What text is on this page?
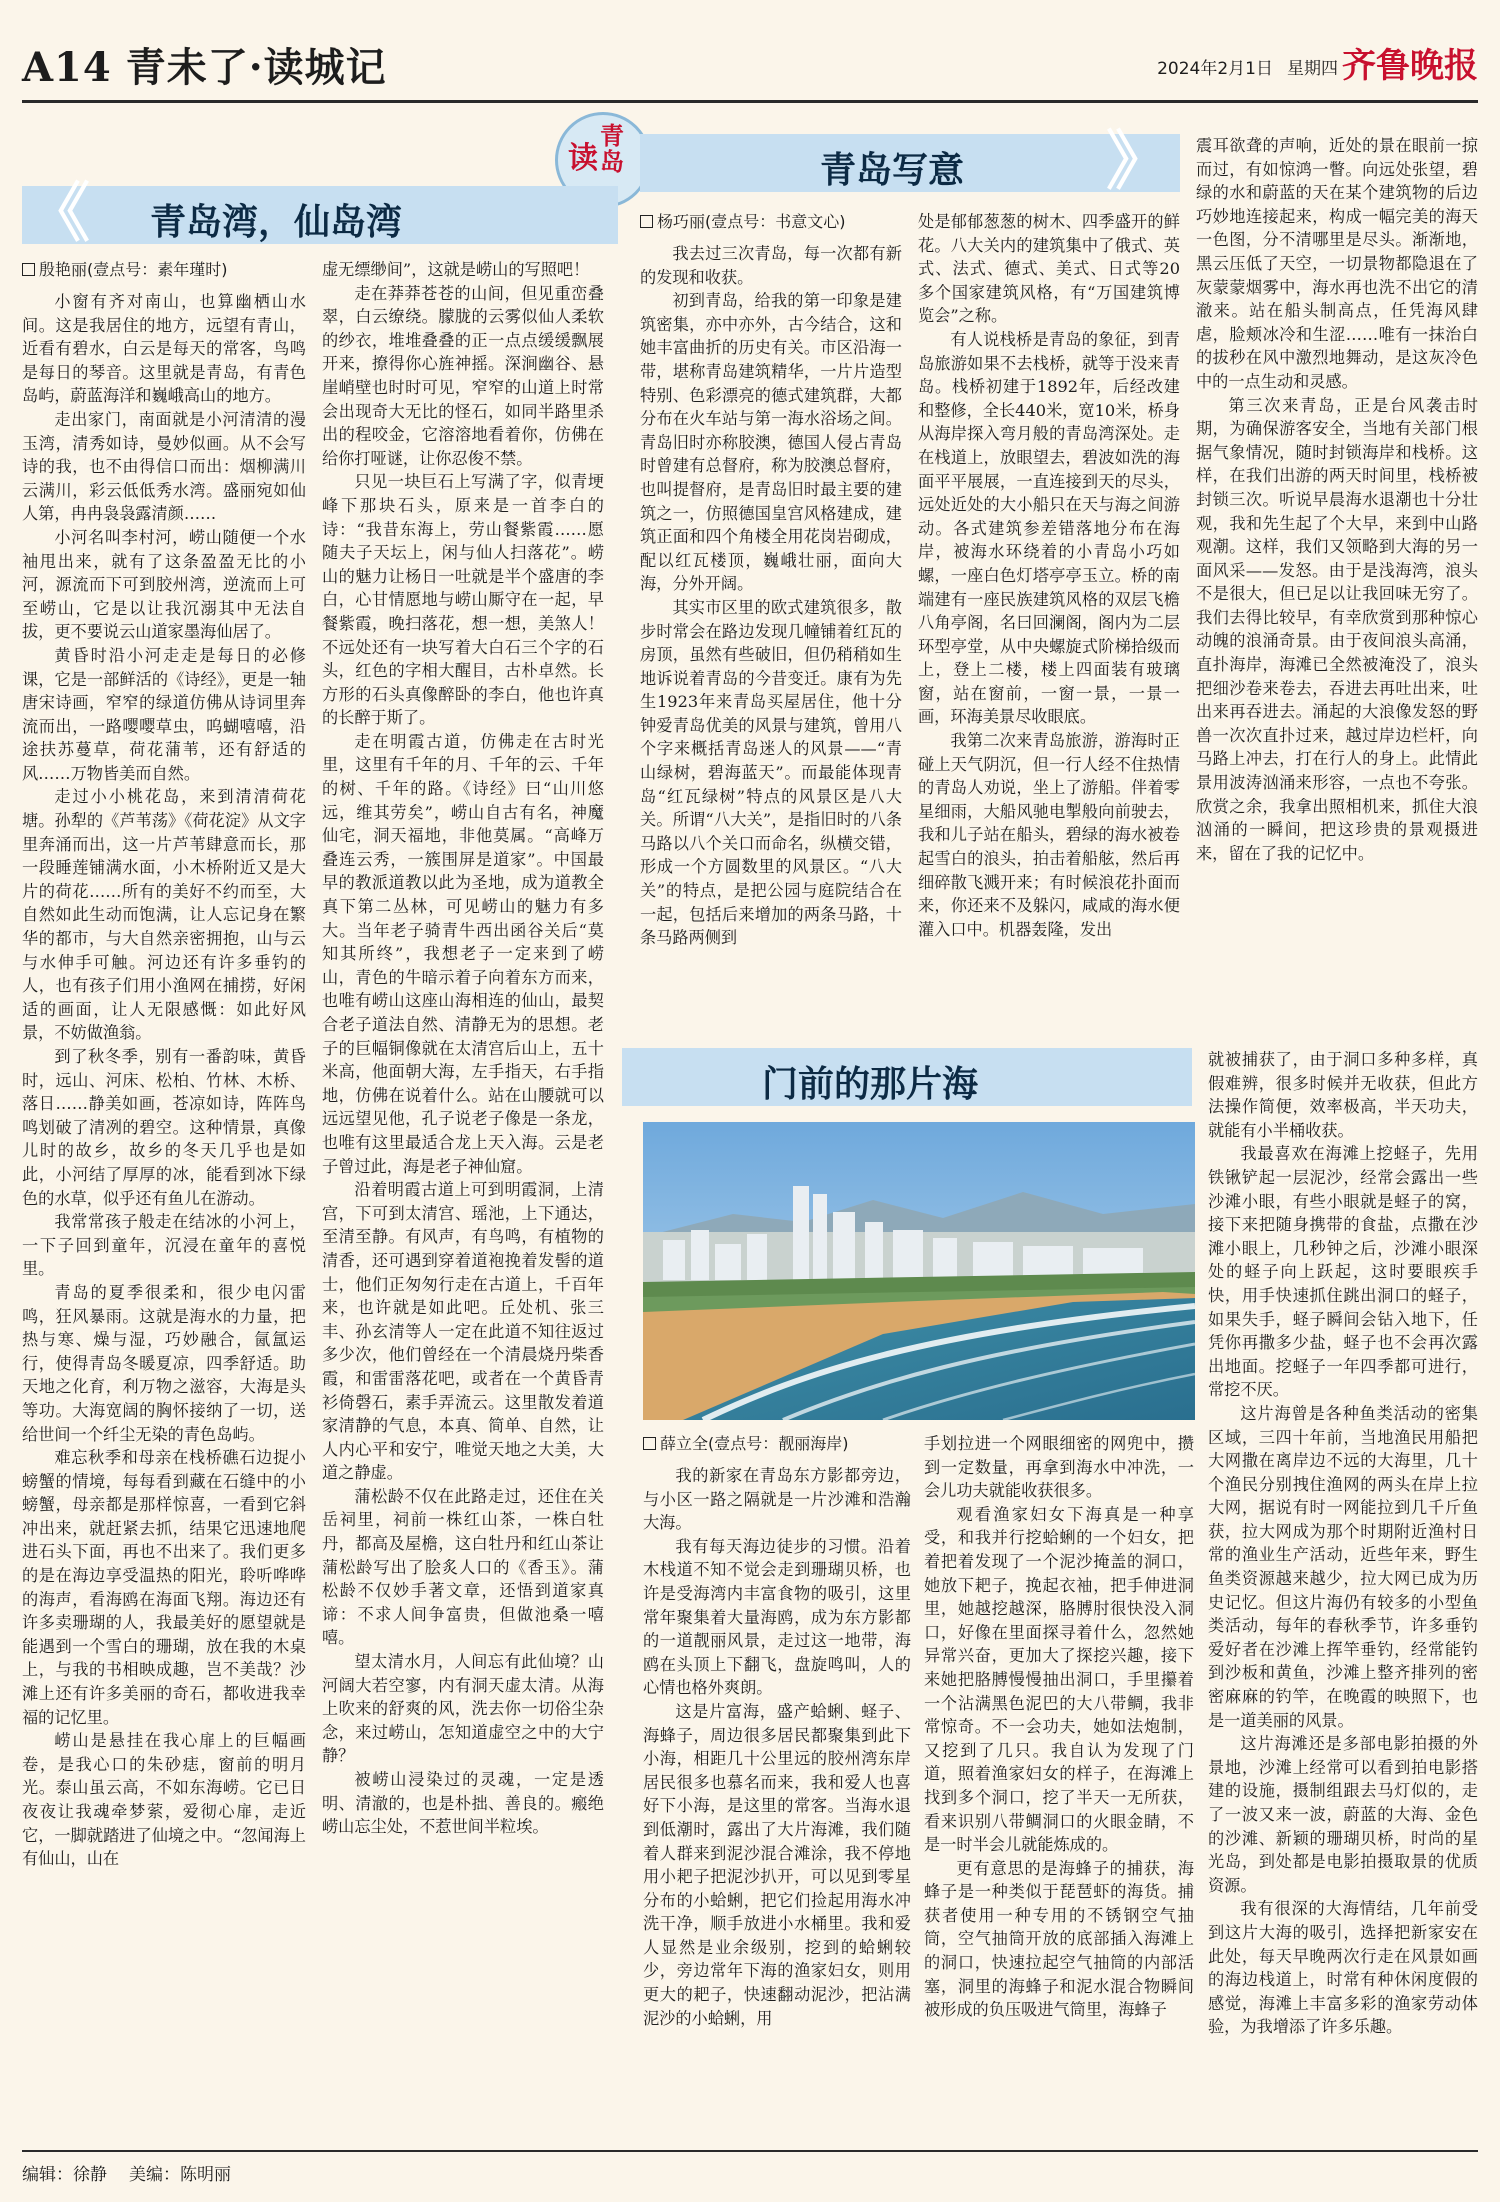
A14 青未了·读城记	2024年2月1日 星期四 齐鲁晚报
读
青岛
《 青岛湾，仙岛湾
青岛写意 》
门前的那片海
殷艳丽(壹点号：素年瑾时)

小窗有齐对南山，也算幽栖山水间。这是我居住的地方，远望有青山，近看有碧水，白云是每天的常客，鸟鸣是每日的琴音。这里就是青岛，有青色岛屿，蔚蓝海洋和巍峨高山的地方。

走出家门，南面就是小河清清的漫玉湾，清秀如诗，曼妙似画。从不会写诗的我，也不由得信口而出：烟柳满川云满川，彩云低低秀水湾。盛丽宛如仙人第，冉冉袅袅露清颜……

小河名叫李村河，崂山随便一个水袖甩出来，就有了这条盈盈无比的小河，源流而下可到胶州湾，逆流而上可至崂山，它是以让我沉溺其中无法自拔，更不要说云山道家墨海仙居了。

黄昏时沿小河走走是每日的必修课，它是一部鲜活的《诗经》，更是一轴唐宋诗画，窄窄的绿道仿佛从诗词里奔流而出，一路嘤嘤草虫，呜蝴嘻嘻，沿途扶苏蔓草，荷花蒲苇，还有舒适的风……万物皆美而自然。

走过小小桃花岛，来到清清荷花塘。孙犁的《芦苇荡》《荷花淀》从文字里奔涌而出，这一片芦苇肆意而长，那一段睡莲铺满水面，小木桥附近又是大片的荷花……所有的美好不约而至，大自然如此生动而饱满，让人忘记身在繁华的都市，与大自然亲密拥抱，山与云与水伸手可触。河边还有许多垂钓的人，也有孩子们用小渔网在捕捞，好闲适的画面，让人无限感慨：如此好风景，不妨做渔翁。

到了秋冬季，别有一番韵味，黄昏时，远山、河床、松柏、竹林、木桥、落日……静美如画，苍凉如诗，阵阵鸟鸣划破了清冽的碧空。这种情景，真像儿时的故乡，故乡的冬天几乎也是如此，小河结了厚厚的冰，能看到冰下绿色的水草，似乎还有鱼儿在游动。

我常常孩子般走在结冰的小河上，一下子回到童年，沉浸在童年的喜悦里。

青岛的夏季很柔和，很少电闪雷鸣，狂风暴雨。这就是海水的力量，把热与寒、燥与湿，巧妙融合，氤氲运行，使得青岛冬暖夏凉，四季舒适。助天地之化育，利万物之滋容，大海是头等功。大海宽阔的胸怀接纳了一切，送给世间一个纤尘无染的青色岛屿。

难忘秋季和母亲在栈桥礁石边捉小螃蟹的情境，每每看到藏在石缝中的小螃蟹，母亲都是那样惊喜，一看到它斜冲出来，就赶紧去抓，结果它迅速地爬进石头下面，再也不出来了。我们更多的是在海边享受温热的阳光，聆听哗哗的海声，看海鸥在海面飞翔。海边还有许多卖珊瑚的人，我最美好的愿望就是能遇到一个雪白的珊瑚，放在我的木桌上，与我的书相映成趣，岂不美哉？沙滩上还有许多美丽的奇石，都收进我幸福的记忆里。

崂山是悬挂在我心扉上的巨幅画卷，是我心口的朱砂痣，窗前的明月光。泰山虽云高，不如东海崂。它已日夜夜让我魂牵梦萦，爱彻心扉，走近它，一脚就踏进了仙境之中。“忽闻海上有仙山，山在

虚无缥缈间”，这就是崂山的写照吧！

走在莽莽苍苍的山间，但见重峦叠翠，白云缭绕。朦胧的云雾似仙人柔软的纱衣，堆堆叠叠的正一点点缓缓飘展开来，撩得你心旌神摇。深涧幽谷、悬崖峭壁也时时可见，窄窄的山道上时常会出现奇大无比的怪石，如同半路里杀出的程咬金，它溶溶地看着你，仿佛在给你打哑谜，让你忍俊不禁。

只见一块巨石上写满了字，似青埂峰下那块石头，原来是一首李白的诗：“我昔东海上，劳山餐紫霞……愿随夫子天坛上，闲与仙人扫落花”。崂山的魅力让杨日一吐就是半个盛唐的李白，心甘情愿地与崂山厮守在一起，早餐紫霞，晚扫落花，想一想，美煞人！不远处还有一块写着大白石三个字的石头，红色的字相大醒目，古朴卓然。长方形的石头真像醉卧的李白，他也许真的长醉于斯了。

走在明霞古道，仿佛走在古时光里，这里有千年的月、千年的云、千年的树、千年的路。《诗经》曰“山川悠远，维其劳矣”，崂山自古有名，神魔仙宅，洞天福地，非他莫属。“高峰万叠连云秀，一簇围屏是道家”。中国最早的教派道教以此为圣地，成为道教全真下第二丛林，可见崂山的魅力有多大。当年老子骑青牛西出函谷关后“莫知其所终”，我想老子一定来到了崂山，青色的牛暗示着子向着东方而来，也唯有崂山这座山海相连的仙山，最契合老子道法自然、清静无为的思想。老子的巨幅铜像就在太清宫后山上，五十米高，他面朝大海，左手指天，右手指地，仿佛在说着什么。站在山腰就可以远远望见他，孔子说老子像是一条龙，也唯有这里最适合龙上天入海。云是老子曾过此，海是老子神仙窟。

沿着明霞古道上可到明霞洞，上清宫，下可到太清宫、瑶池，上下通达，至清至静。有风声，有鸟鸣，有植物的清香，还可遇到穿着道袍挽着发髻的道士，他们正匆匆行走在古道上，千百年来，也许就是如此吧。丘处机、张三丰、孙玄清等人一定在此道不知往返过多少次，他们曾经在一个清晨烧丹柴香霞，和雷雷落花吧，或者在一个黄昏青衫倚磬石，素手弄流云。这里散发着道家清静的气息，本真、简单、自然，让人内心平和安宁，唯觉天地之大美，大道之静虚。

蒲松龄不仅在此路走过，还住在关岳祠里，祠前一株红山茶，一株白牡丹，都高及屋檐，这白牡丹和红山茶让蒲松龄写出了脍炙人口的《香玉》。蒲松龄不仅妙手著文章，还悟到道家真谛：不求人间争富贵，但做池桑一嘻嘻。

望太清水月，人间忘有此仙境？山河阔大若空寥，内有洞天虚太清。从海上吹来的舒爽的风，洗去你一切俗尘杂念，来过崂山，怎知道虚空之中的大宁静？

被崂山浸染过的灵魂，一定是透明、清澈的，也是朴拙、善良的。瘢绝崂山忘尘处，不惹世间半粒埃。

杨巧丽(壹点号：书意文心)

我去过三次青岛，每一次都有新的发现和收获。

初到青岛，给我的第一印象是建筑密集，亦中亦外，古今结合，这和她丰富曲折的历史有关。市区沿海一带，堪称青岛建筑精华，一片片造型特别、色彩漂亮的德式建筑群，大都分布在火车站与第一海水浴场之间。青岛旧时亦称胶澳，德国人侵占青岛时曾建有总督府，称为胶澳总督府，也叫提督府，是青岛旧时最主要的建筑之一，仿照德国皇宫风格建成，建筑正面和四个角楼全用花岗岩砌成，配以红瓦楼顶，巍峨壮丽，面向大海，分外开阔。

其实市区里的欧式建筑很多，散步时常会在路边发现几幢铺着红瓦的房顶，虽然有些破旧，但仍稍稍如生地诉说着青岛的今昔变迁。康有为先生1923年来青岛买屋居住，他十分钟爱青岛优美的风景与建筑，曾用八个字来概括青岛迷人的风景——“青山绿树，碧海蓝天”。而最能体现青岛“红瓦绿树”特点的风景区是八大关。所谓“八大关”，是指旧时的八条马路以八个关口而命名，纵横交错，形成一个方圆数里的风景区。“八大关”的特点，是把公园与庭院结合在一起，包括后来增加的两条马路，十条马路两侧到

处是郁郁葱葱的树木、四季盛开的鲜花。八大关内的建筑集中了俄式、英式、法式、德式、美式、日式等20多个国家建筑风格，有“万国建筑博览会”之称。

有人说栈桥是青岛的象征，到青岛旅游如果不去栈桥，就等于没来青岛。栈桥初建于1892年，后经改建和整修，全长440米，宽10米，桥身从海岸探入弯月般的青岛湾深处。走在栈道上，放眼望去，碧波如洗的海面平平展展，一直连接到天的尽头，远处近处的大小船只在天与海之间游动。各式建筑参差错落地分布在海岸，被海水环绕着的小青岛小巧如螺，一座白色灯塔亭亭玉立。桥的南端建有一座民族建筑风格的双层飞檐八角亭阁，名曰回澜阁，阁内为二层环型亭堂，从中央螺旋式阶梯拾级而上，登上二楼，楼上四面装有玻璃窗，站在窗前，一窗一景，一景一画，环海美景尽收眼底。

我第二次来青岛旅游，游海时正碰上天气阴沉，但一行人经不住热情的青岛人劝说，坐上了游船。伴着零星细雨，大船风驰电掣般向前驶去，我和儿子站在船头，碧绿的海水被卷起雪白的浪头，拍击着船舷，然后再细碎散飞溅开来；有时候浪花扑面而来，你还来不及躲闪，咸咸的海水便灌入口中。机器轰隆，发出

震耳欲聋的声响，近处的景在眼前一掠而过，有如惊鸿一瞥。向远处张望，碧绿的水和蔚蓝的天在某个建筑物的后边巧妙地连接起来，构成一幅完美的海天一色图，分不清哪里是尽头。渐渐地，黑云压低了天空，一切景物都隐退在了灰蒙蒙烟雾中，海水再也洗不出它的清澈来。站在船头制高点，任凭海风肆虐，脸颊冰冷和生涩……唯有一抹治白的拔秒在风中激烈地舞动，是这灰冷色中的一点生动和灵感。

第三次来青岛，正是台风袭击时期，为确保游客安全，当地有关部门根据气象情况，随时封锁海岸和栈桥。这样，在我们出游的两天时间里，栈桥被封锁三次。听说早晨海水退潮也十分壮观，我和先生起了个大早，来到中山路观潮。这样，我们又领略到大海的另一面风采——发怒。由于是浅海湾，浪头不是很大，但已足以让我回味无穷了。我们去得比较早，有幸欣赏到那种惊心动魄的浪涌奇景。由于夜间浪头高涌，直扑海岸，海滩已全然被淹没了，浪头把细沙卷来卷去，吞进去再吐出来，吐出来再吞进去。涌起的大浪像发怒的野兽一次次直扑过来，越过岸边栏杆，向马路上冲去，打在行人的身上。此情此景用波涛汹涌来形容，一点也不夸张。欣赏之余，我拿出照相机来，抓住大浪汹涌的一瞬间，把这珍贵的景观摄进来，留在了我的记忆中。

薛立全(壹点号：靓丽海岸)

我的新家在青岛东方影都旁边，与小区一路之隔就是一片沙滩和浩瀚大海。

我有每天海边徒步的习惯。沿着木栈道不知不觉会走到珊瑚贝桥，也许是受海湾内丰富食物的吸引，这里常年聚集着大量海鸥，成为东方影都的一道靓丽风景，走过这一地带，海鸥在头顶上下翻飞，盘旋鸣叫，人的心情也格外爽朗。

这是片富海，盛产蛤蜊、蛏子、海蜂子，周边很多居民都聚集到此下小海，相距几十公里远的胶州湾东岸居民很多也慕名而来，我和爱人也喜好下小海，是这里的常客。当海水退到低潮时，露出了大片海滩，我们随着人群来到泥沙混合滩涂，我不停地用小耙子把泥沙扒开，可以见到零星分布的小蛤蜊，把它们捡起用海水冲洗干净，顺手放进小水桶里。我和爱人显然是业余级别，挖到的蛤蜊较少，旁边常年下海的渔家妇女，则用更大的耙子，快速翻动泥沙，把沾满泥沙的小蛤蜊，用

手划拉进一个网眼细密的网兜中，攒到一定数量，再拿到海水中冲洗，一会儿功夫就能收获很多。

观看渔家妇女下海真是一种享受，和我并行挖蛤蜊的一个妇女，把着把着发现了一个泥沙掩盖的洞口，她放下耙子，挽起衣袖，把手伸进洞里，她越挖越深，胳膊肘很快没入洞口，好像在里面探寻着什么，忽然她异常兴奋，更加大了探挖兴趣，接下来她把胳膊慢慢抽出洞口，手里攥着一个沾满黑色泥巴的大八带鲷，我非常惊奇。不一会功夫，她如法炮制，又挖到了几只。我自认为发现了门道，照着渔家妇女的样子，在海滩上找到多个洞口，挖了半天一无所获，看来识别八带鲷洞口的火眼金睛，不是一时半会儿就能炼成的。

更有意思的是海蜂子的捕获，海蜂子是一种类似于琵琶虾的海货。捕获者使用一种专用的不锈钢空气抽筒，空气抽筒开放的底部插入海滩上的洞口，快速拉起空气抽筒的内部活塞，洞里的海蜂子和泥水混合物瞬间被形成的负压吸进气筒里，海蜂子

就被捕获了，由于洞口多种多样，真假难辨，很多时候并无收获，但此方法操作简便，效率极高，半天功夫，就能有小半桶收获。

我最喜欢在海滩上挖蛏子，先用铁锹铲起一层泥沙，经常会露出一些沙滩小眼，有些小眼就是蛏子的窝，接下来把随身携带的食盐，点撒在沙滩小眼上，几秒钟之后，沙滩小眼深处的蛏子向上跃起，这时要眼疾手快，用手快速抓住跳出洞口的蛏子，如果失手，蛏子瞬间会钻入地下，任凭你再撒多少盐，蛏子也不会再次露出地面。挖蛏子一年四季都可进行，常挖不厌。

这片海曾是各种鱼类活动的密集区域，三四十年前，当地渔民用船把大网撒在离岸边不远的大海里，几十个渔民分别拽住渔网的两头在岸上拉大网，据说有时一网能拉到几千斤鱼获，拉大网成为那个时期附近渔村日常的渔业生产活动，近些年来，野生鱼类资源越来越少，拉大网已成为历史记忆。但这片海仍有较多的小型鱼类活动，每年的春秋季节，许多垂钓爱好者在沙滩上挥竿垂钓，经常能钓到沙板和黄鱼，沙滩上整齐排列的密密麻麻的钓竿，在晚霞的映照下，也是一道美丽的风景。

这片海滩还是多部电影拍摄的外景地，沙滩上经常可以看到拍电影搭建的设施，摄制组跟去马灯似的，走了一波又来一波，蔚蓝的大海、金色的沙滩、新颖的珊瑚贝桥，时尚的星光岛，到处都是电影拍摄取景的优质资源。

我有很深的大海情结，几年前受到这片大海的吸引，选择把新家安在此处，每天早晚两次行走在风景如画的海边栈道上，时常有种休闲度假的感觉，海滩上丰富多彩的渔家劳动体验，为我增添了许多乐趣。

编辑：徐静 美编：陈明丽
